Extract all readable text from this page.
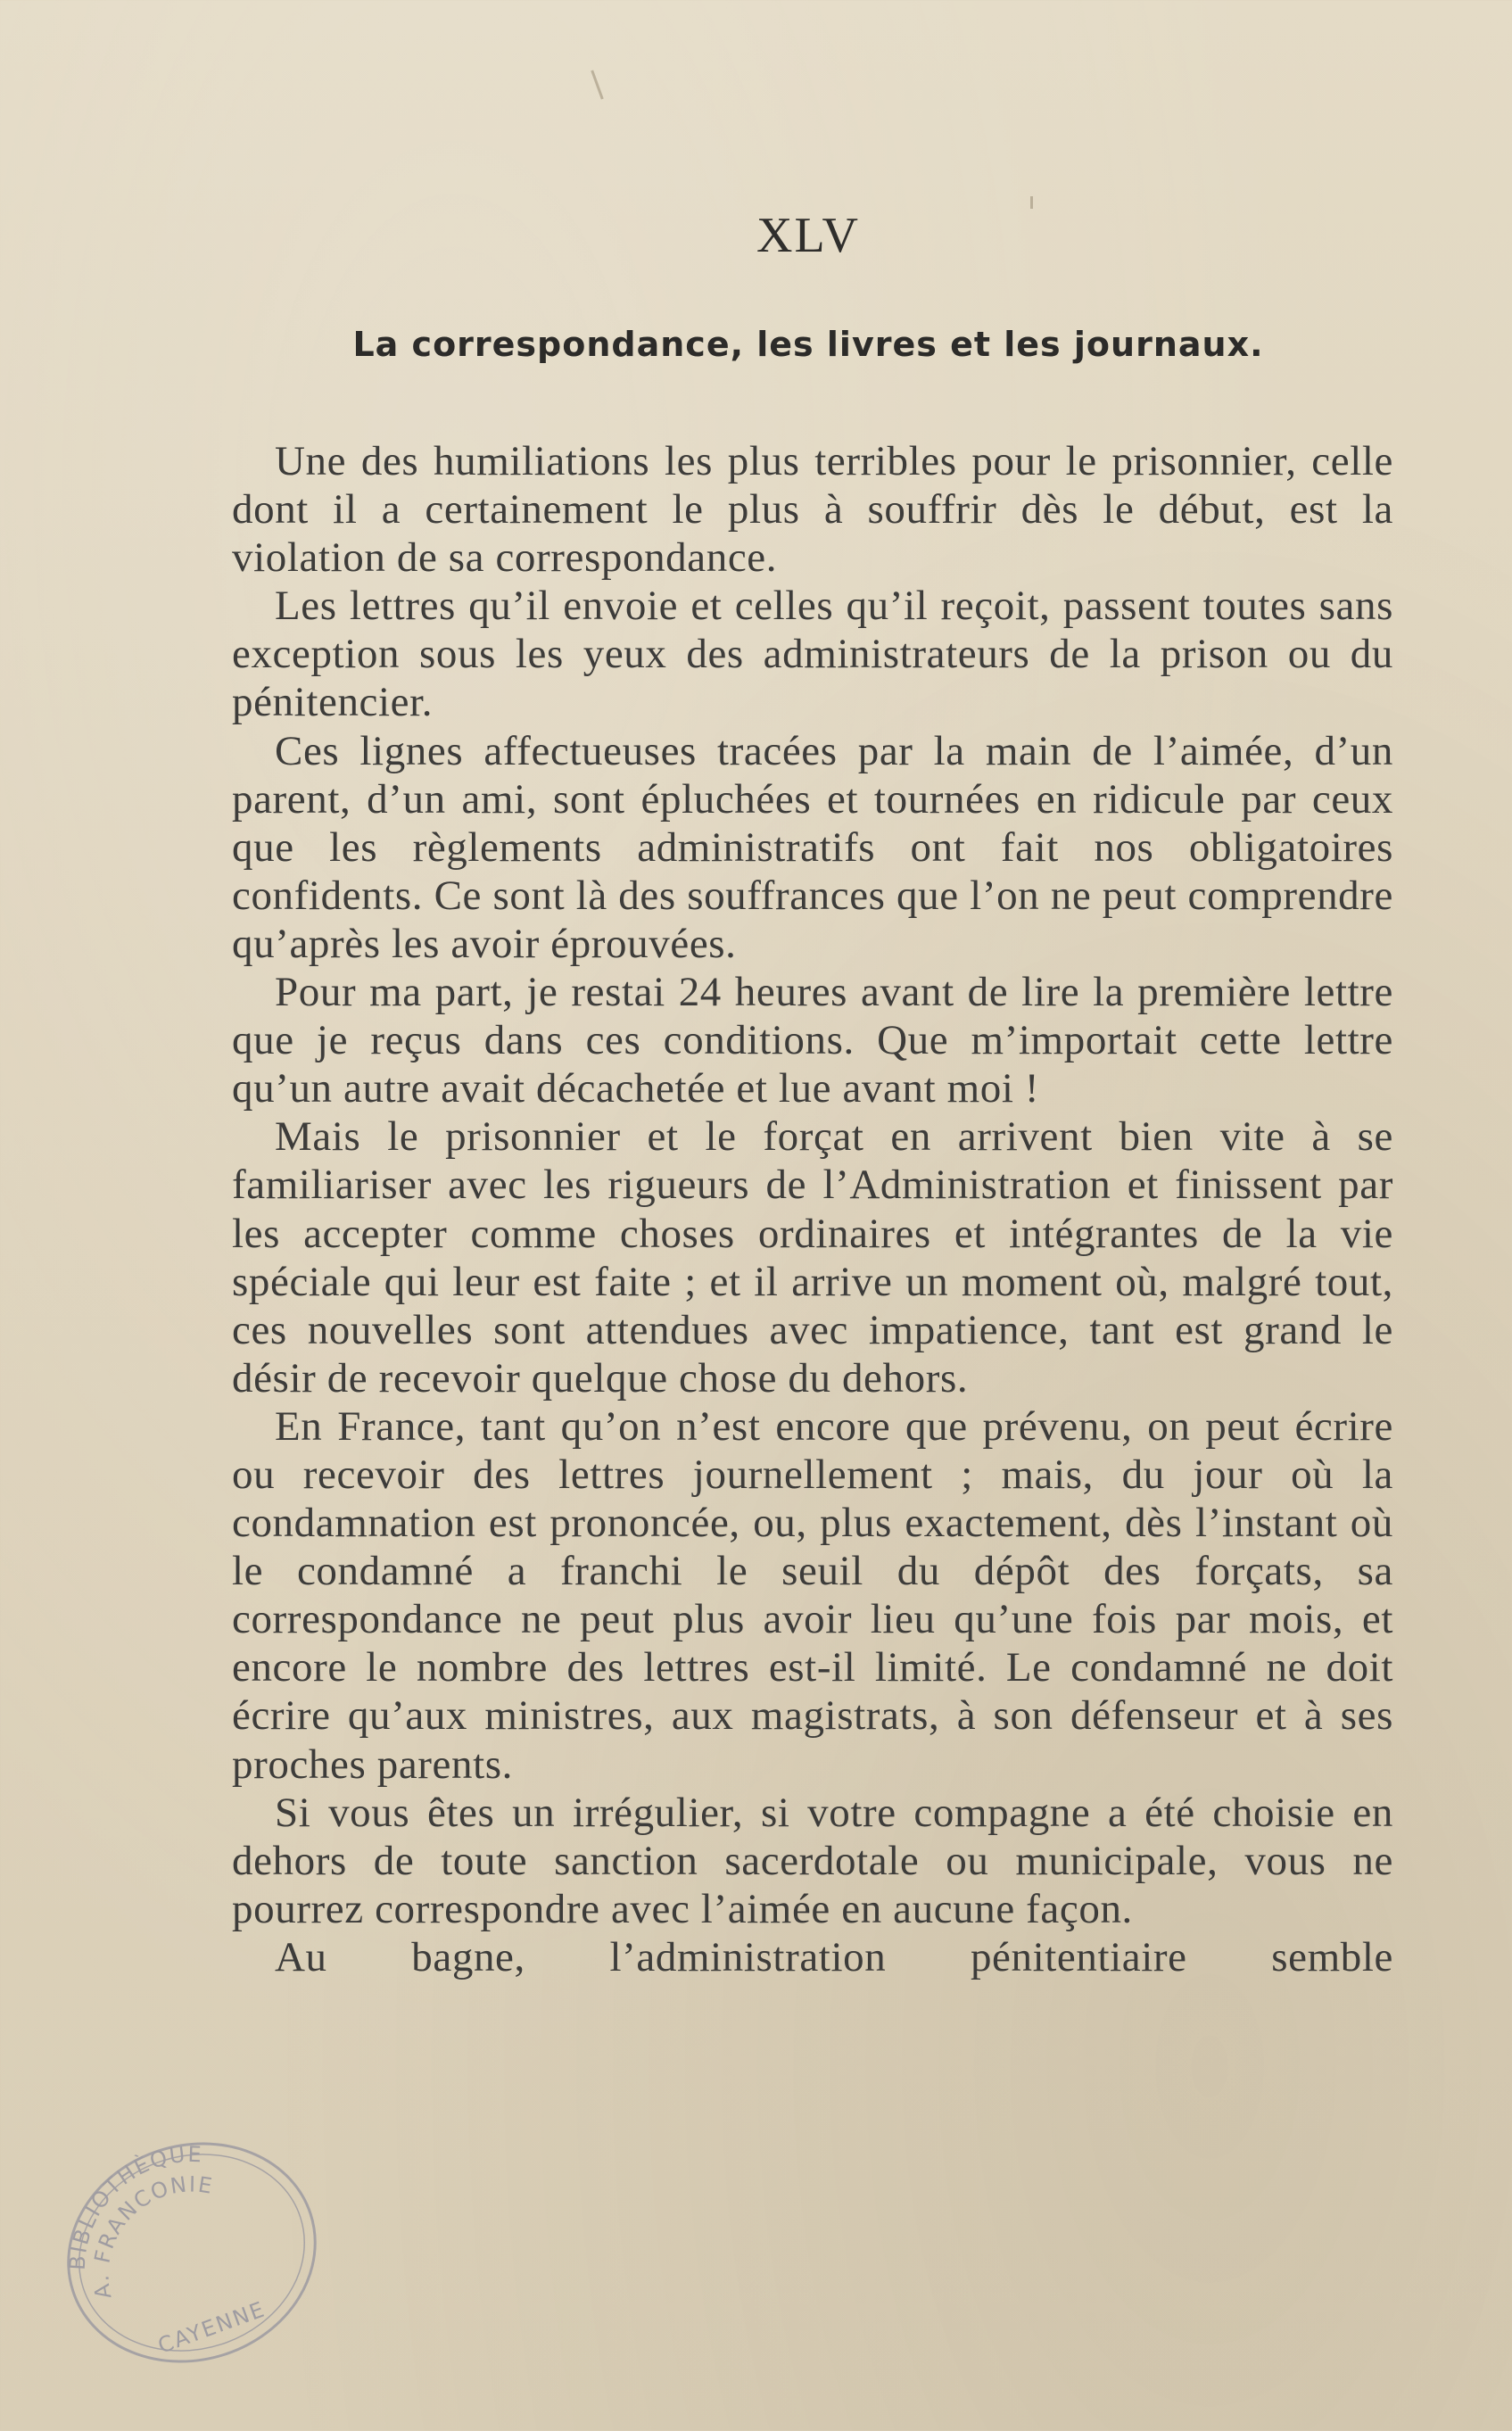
XLV
La correspondance, les livres et les journaux.

Une des humiliations les plus terribles pour le prisonnier, celle dont il a certainement le plus à souffrir dès le début, est la violation de sa correspondance.

Les lettres qu’il envoie et celles qu’il reçoit, passent toutes sans exception sous les yeux des administrateurs de la prison ou du pénitencier.

Ces lignes affectueuses tracées par la main de l’aimée, d’un parent, d’un ami, sont épluchées et tournées en ridicule par ceux que les règlements administratifs ont fait nos obligatoires confidents. Ce sont là des souffrances que l’on ne peut comprendre qu’après les avoir éprouvées.

Pour ma part, je restai 24 heures avant de lire la première lettre que je reçus dans ces conditions. Que m’importait cette lettre qu’un autre avait décachetée et lue avant moi !

Mais le prisonnier et le forçat en arrivent bien vite à se familiariser avec les rigueurs de l’Administration et finissent par les accepter comme choses ordinaires et intégrantes de la vie spéciale qui leur est faite ; et il arrive un moment où, malgré tout, ces nouvelles sont attendues avec impatience, tant est grand le désir de recevoir quelque chose du dehors.

En France, tant qu’on n’est encore que prévenu, on peut écrire ou recevoir des lettres journellement ; mais, du jour où la condamnation est prononcée, ou, plus exactement, dès l’instant où le condamné a franchi le seuil du dépôt des forçats, sa correspondance ne peut plus avoir lieu qu’une fois par mois, et encore le nombre des lettres est-il limité. Le condamné ne doit écrire qu’aux ministres, aux magistrats, à son défenseur et à ses proches parents.

Si vous êtes un irrégulier, si votre compagne a été choisie en dehors de toute sanction sacerdotale ou municipale, vous ne pourrez correspondre avec l’aimée en aucune façon.

Au bagne, l’administration pénitentiaire semble

BIBLIOTHÈQUE
A. FRANCONIE
CAYENNE
